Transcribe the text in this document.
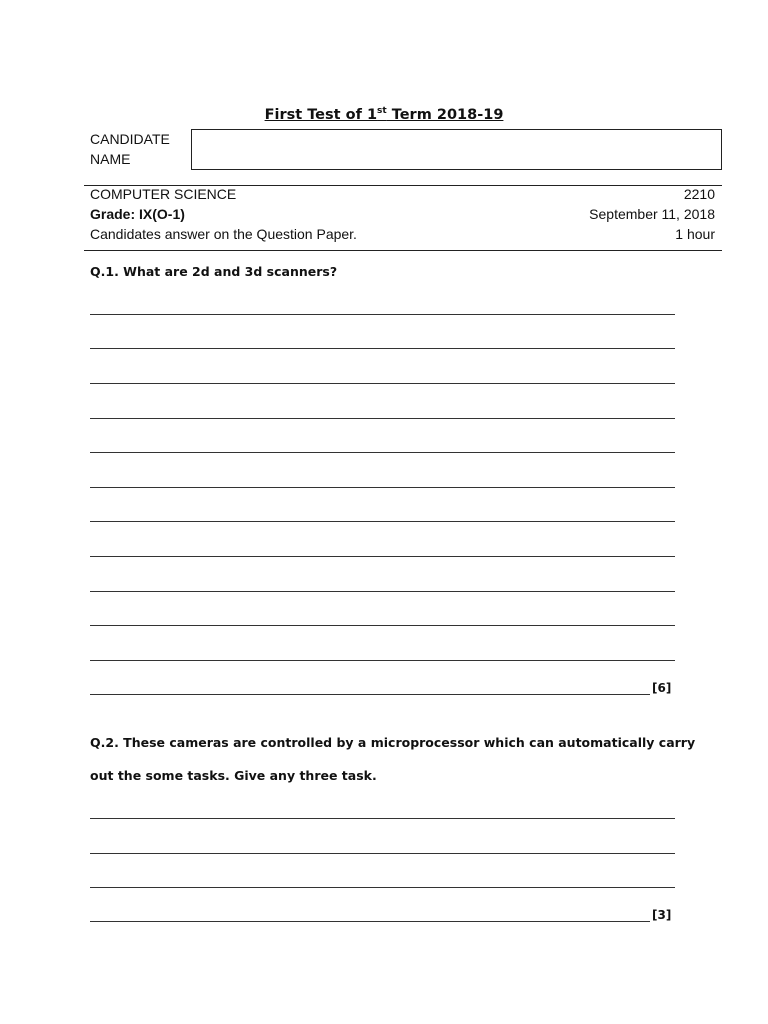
First Test of 1st Term 2018-19
CANDIDATE
NAME
COMPUTER SCIENCE	2210
Grade: IX(O-1)	September 11, 2018
Candidates answer on the Question Paper.	1 hour
Q.1. What are 2d and 3d scanners?
[6]
Q.2. These cameras are controlled by a microprocessor which can automatically carry
out the some tasks. Give any three task.
[3]
